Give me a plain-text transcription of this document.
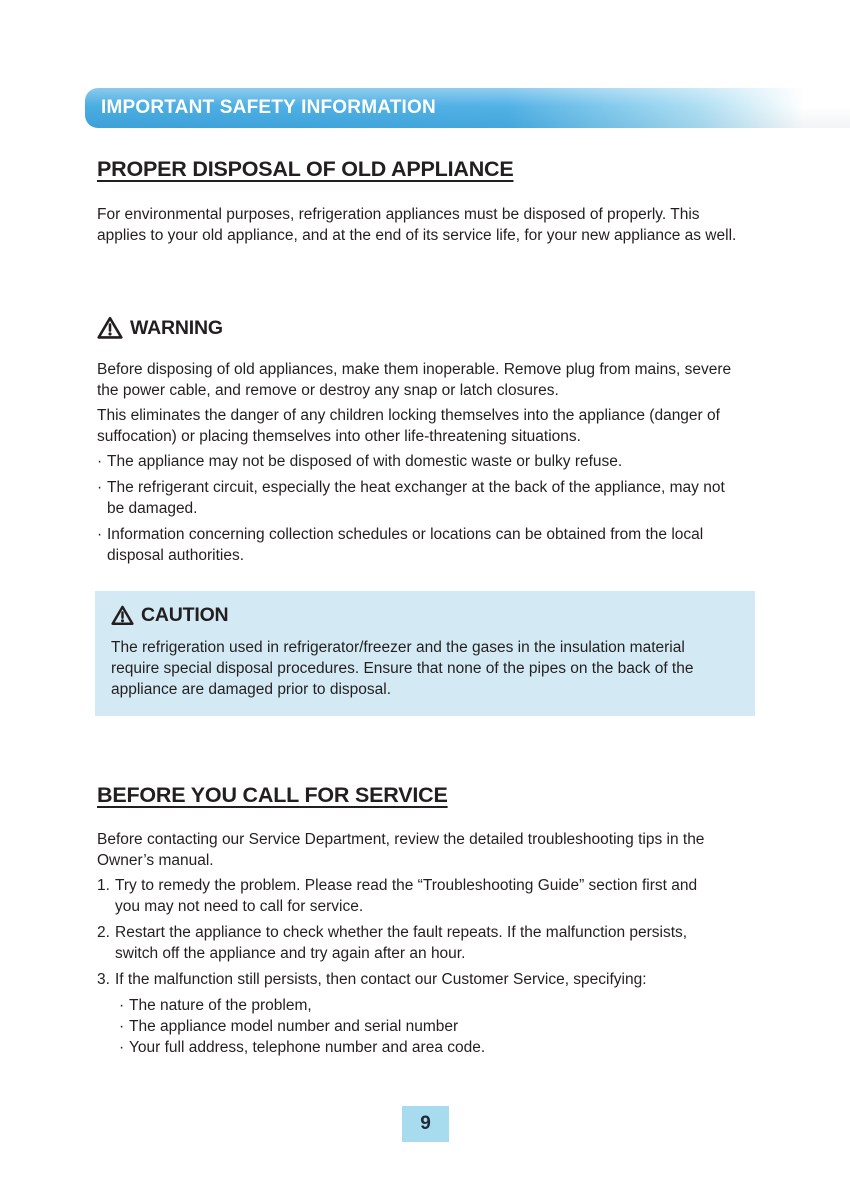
IMPORTANT SAFETY INFORMATION
PROPER DISPOSAL OF OLD APPLIANCE

For environmental purposes, refrigeration appliances must be disposed of properly. This applies to your old appliance, and at the end of its service life, for your new appliance as well.

WARNING

Before disposing of old appliances, make them inoperable. Remove plug from mains, severe the power cable, and remove or destroy any snap or latch closures.

This eliminates the danger of any children locking themselves into the appliance (danger of suffocation) or placing themselves into other life-threatening situations.

· The appliance may not be disposed of with domestic waste or bulky refuse.
· The refrigerant circuit, especially the heat exchanger at the back of the appliance, may not be damaged.
· Information concerning collection schedules or locations can be obtained from the local disposal authorities.
CAUTION

The refrigeration used in refrigerator/freezer and the gases in the insulation material require special disposal procedures. Ensure that none of the pipes on the back of the appliance are damaged prior to disposal.

BEFORE YOU CALL FOR SERVICE

Before contacting our Service Department, review the detailed troubleshooting tips in the Owner’s manual.

1. Try to remedy the problem. Please read the “Troubleshooting Guide” section first and you may not need to call for service.
2. Restart the appliance to check whether the fault repeats. If the malfunction persists, switch off the appliance and try again after an hour.
3. If the malfunction still persists, then contact our Customer Service, specifying:
· The nature of the problem,
· The appliance model number and serial number
· Your full address, telephone number and area code.
9
